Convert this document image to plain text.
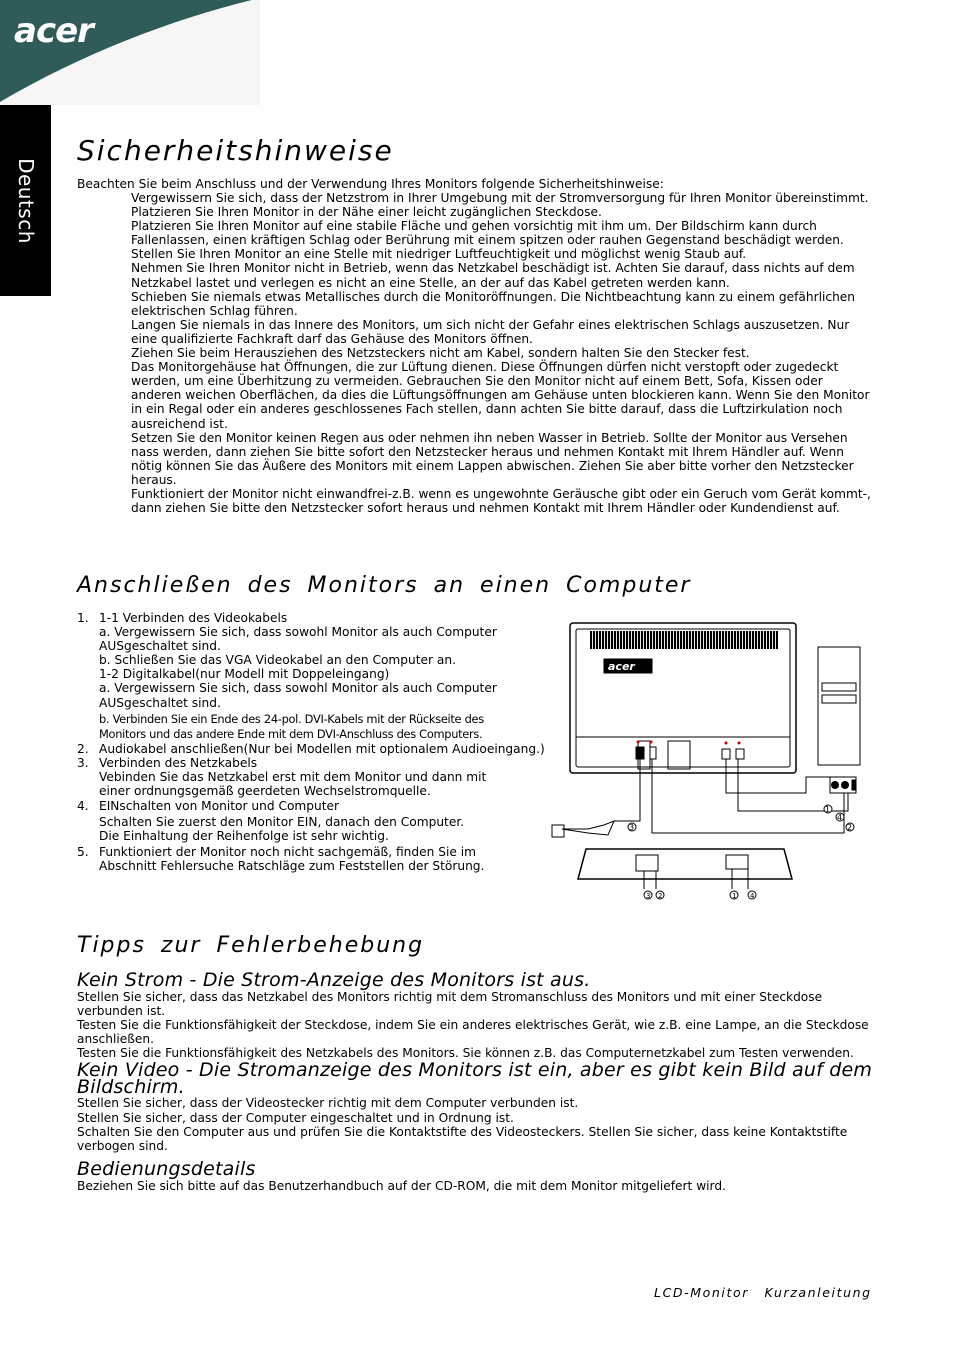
acer
Deutsch
Sicherheitshinweise
Beachten Sie beim Anschluss und der Verwendung Ihres Monitors folgende Sicherheitshinweise:
Vergewissern Sie sich, dass der Netzstrom in Ihrer Umgebung mit der Stromversorgung für Ihren Monitor übereinstimmt.
Platzieren Sie Ihren Monitor in der Nähe einer leicht zugänglichen Steckdose.
Platzieren Sie Ihren Monitor auf eine stabile Fläche und gehen vorsichtig mit ihm um. Der Bildschirm kann durch Fallenlassen, einen kräftigen Schlag oder Berührung mit einem spitzen oder rauhen Gegenstand beschädigt werden.
Stellen Sie Ihren Monitor an eine Stelle mit niedriger Luftfeuchtigkeit und möglichst wenig Staub auf.
Nehmen Sie Ihren Monitor nicht in Betrieb, wenn das Netzkabel beschädigt ist. Achten Sie darauf, dass nichts auf dem Netzkabel lastet und verlegen es nicht an eine Stelle, an der auf das Kabel getreten werden kann.
Schieben Sie niemals etwas Metallisches durch die Monitoröffnungen. Die Nichtbeachtung kann zu einem gefährlichen elektrischen Schlag führen.
Langen Sie niemals in das Innere des Monitors, um sich nicht der Gefahr eines elektrischen Schlags auszusetzen. Nur eine qualifizierte Fachkraft darf das Gehäuse des Monitors öffnen.
Ziehen Sie beim Herausziehen des Netzsteckers nicht am Kabel, sondern halten Sie den Stecker fest.
Das Monitorgehäuse hat Öffnungen, die zur Lüftung dienen. Diese Öffnungen dürfen nicht verstopft oder zugedeckt werden, um eine Überhitzung zu vermeiden. Gebrauchen Sie den Monitor nicht auf einem Bett, Sofa, Kissen oder anderen weichen Oberflächen, da dies die Lüftungsöffnungen am Gehäuse unten blockieren kann. Wenn Sie den Monitor in ein Regal oder ein anderes geschlossenes Fach stellen, dann achten Sie bitte darauf, dass die Luftzirkulation noch ausreichend ist.
Setzen Sie den Monitor keinen Regen aus oder nehmen ihn neben Wasser in Betrieb. Sollte der Monitor aus Versehen nass werden, dann ziehen Sie bitte sofort den Netzstecker heraus und nehmen Kontakt mit Ihrem Händler auf. Wenn nötig können Sie das Äußere des Monitors mit einem Lappen abwischen. Ziehen Sie aber bitte vorher den Netzstecker heraus.
Funktioniert der Monitor nicht einwandfrei-z.B. wenn es ungewohnte Geräusche gibt oder ein Geruch vom Gerät kommt-, dann ziehen Sie bitte den Netzstecker sofort heraus und nehmen Kontakt mit Ihrem Händler oder Kundendienst auf.
Anschließen des Monitors an einen Computer
1. 1-1 Verbinden des Videokabels
a. Vergewissern Sie sich, dass sowohl Monitor als auch Computer
AUSgeschaltet sind.
b. Schließen Sie das VGA Videokabel an den Computer an.
1-2 Digitalkabel(nur Modell mit Doppeleingang)
a. Vergewissern Sie sich, dass sowohl Monitor als auch Computer
AUSgeschaltet sind.
b. Verbinden Sie ein Ende des 24-pol. DVI-Kabels mit der Rückseite des
Monitors und das andere Ende mit dem DVI-Anschluss des Computers.
2. Audiokabel anschließen(Nur bei Modellen mit optionalem Audioeingang.)
3. Verbinden des Netzkabels
Vebinden Sie das Netzkabel erst mit dem Monitor und dann mit
einer ordnungsgemäß geerdeten Wechselstromquelle.
4. EINschalten von Monitor und Computer
Schalten Sie zuerst den Monitor EIN, danach den Computer.
Die Einhaltung der Reihenfolge ist sehr wichtig.
5. Funktioniert der Monitor noch nicht sachgemäß, finden Sie im
Abschnitt Fehlersuche Ratschläge zum Feststellen der Störung.
acer
1
2
3
4
3 2	1 4
Tipps zur Fehlerbehebung
Kein Strom - Die Strom-Anzeige des Monitors ist aus.

Stellen Sie sicher, dass das Netzkabel des Monitors richtig mit dem Stromanschluss des Monitors und mit einer Steckdose verbunden ist.

Testen Sie die Funktionsfähigkeit der Steckdose, indem Sie ein anderes elektrisches Gerät, wie z.B. eine Lampe, an die Steckdose anschließen.

Testen Sie die Funktionsfähigkeit des Netzkabels des Monitors. Sie können z.B. das Computernetzkabel zum Testen verwenden.

Kein Video - Die Stromanzeige des Monitors ist ein, aber es gibt kein Bild auf dem Bildschirm.

Stellen Sie sicher, dass der Videostecker richtig mit dem Computer verbunden ist.

Stellen Sie sicher, dass der Computer eingeschaltet und in Ordnung ist.

Schalten Sie den Computer aus und prüfen Sie die Kontaktstifte des Videosteckers. Stellen Sie sicher, dass keine Kontaktstifte verbogen sind.

Bedienungsdetails

Beziehen Sie sich bitte auf das Benutzerhandbuch auf der CD-ROM, die mit dem Monitor mitgeliefert wird.

LCD-Monitor Kurzanleitung
